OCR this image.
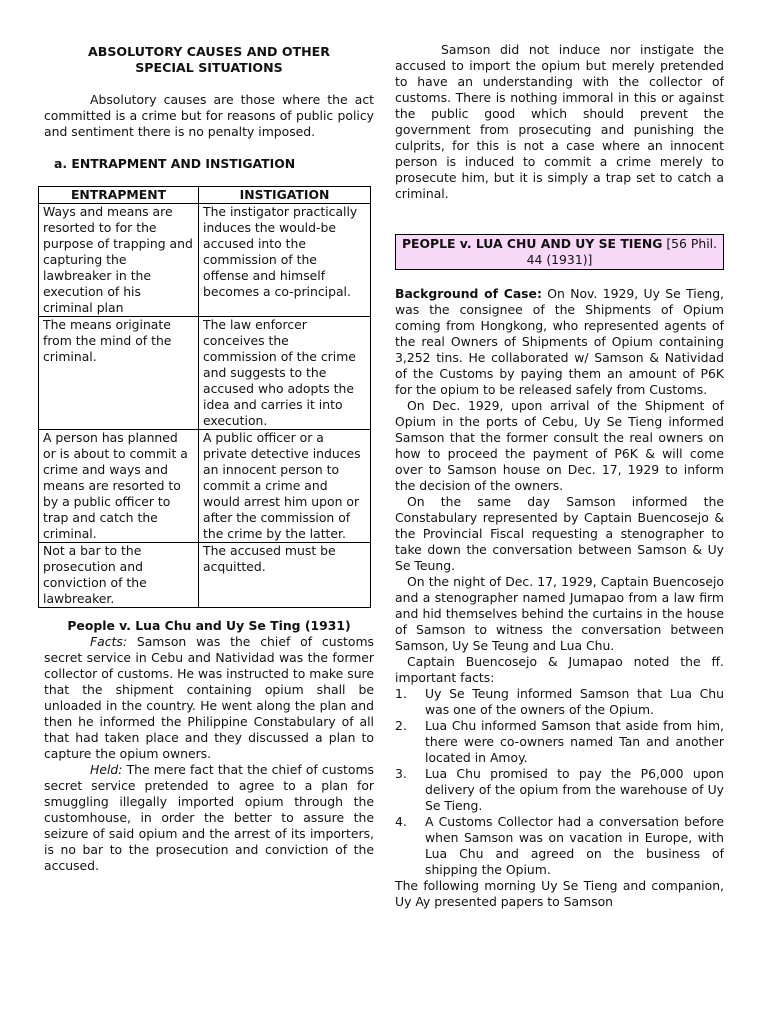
ABSOLUTORY CAUSES AND OTHER
SPECIAL SITUATIONS

Absolutory causes are those where the act committed is a crime but for reasons of public policy and sentiment there is no penalty imposed.

a. ENTRAPMENT AND INSTIGATION
ENTRAPMENT	INSTIGATION
Ways and means are resorted to for the purpose of trapping and capturing the lawbreaker in the execution of his criminal plan	The instigator practically induces the would-be accused into the commission of the offense and himself becomes a co-principal.
The means originate from the mind of the criminal.	The law enforcer conceives the commission of the crime and suggests to the accused who adopts the idea and carries it into execution.
A person has planned or is about to commit a crime and ways and means are resorted to by a public officer to trap and catch the criminal.	A public officer or a private detective induces an innocent person to commit a crime and would arrest him upon or after the commission of the crime by the latter.
Not a bar to the prosecution and conviction of the lawbreaker.	The accused must be acquitted.
People v. Lua Chu and Uy Se Ting (1931)

Facts: Samson was the chief of customs secret service in Cebu and Natividad was the former collector of customs. He was instructed to make sure that the shipment containing opium shall be unloaded in the country. He went along the plan and then he informed the Philippine Constabulary of all that had taken place and they discussed a plan to capture the opium owners.

Held: The mere fact that the chief of customs secret service pretended to agree to a plan for smuggling illegally imported opium through the customhouse, in order the better to assure the seizure of said opium and the arrest of its importers, is no bar to the prosecution and conviction of the accused.

Samson did not induce nor instigate the accused to import the opium but merely pretended to have an understanding with the collector of customs. There is nothing immoral in this or against the public good which should prevent the government from prosecuting and punishing the culprits, for this is not a case where an innocent person is induced to commit a crime merely to prosecute him, but it is simply a trap set to catch a criminal.

PEOPLE v. LUA CHU AND UY SE TIENG [56 Phil. 44 (1931)]

Background of Case: On Nov. 1929, Uy Se Tieng, was the consignee of the Shipments of Opium coming from Hongkong, who represented agents of the real Owners of Shipments of Opium containing 3,252 tins. He collaborated w/ Samson & Natividad of the Customs by paying them an amount of P6K for the opium to be released safely from Customs.

On Dec. 1929, upon arrival of the Shipment of Opium in the ports of Cebu, Uy Se Tieng informed Samson that the former consult the real owners on how to proceed the payment of P6K & will come over to Samson house on Dec. 17, 1929 to inform the decision of the owners.

On the same day Samson informed the Constabulary represented by Captain Buencosejo & the Provincial Fiscal requesting a stenographer to take down the conversation between Samson & Uy Se Teung.

On the night of Dec. 17, 1929, Captain Buencosejo and a stenographer named Jumapao from a law firm and hid themselves behind the curtains in the house of Samson to witness the conversation between Samson, Uy Se Teung and Lua Chu.

Captain Buencosejo & Jumapao noted the ff. important facts:

1.	Uy Se Teung informed Samson that Lua Chu was one of the owners of the Opium.
2.	Lua Chu informed Samson that aside from him, there were co-owners named Tan and another located in Amoy.
3.	Lua Chu promised to pay the P6,000 upon delivery of the opium from the warehouse of Uy Se Tieng.
4.	A Customs Collector had a conversation before when Samson was on vacation in Europe, with Lua Chu and agreed on the business of shipping the Opium.

The following morning Uy Se Tieng and companion, Uy Ay presented papers to Samson
